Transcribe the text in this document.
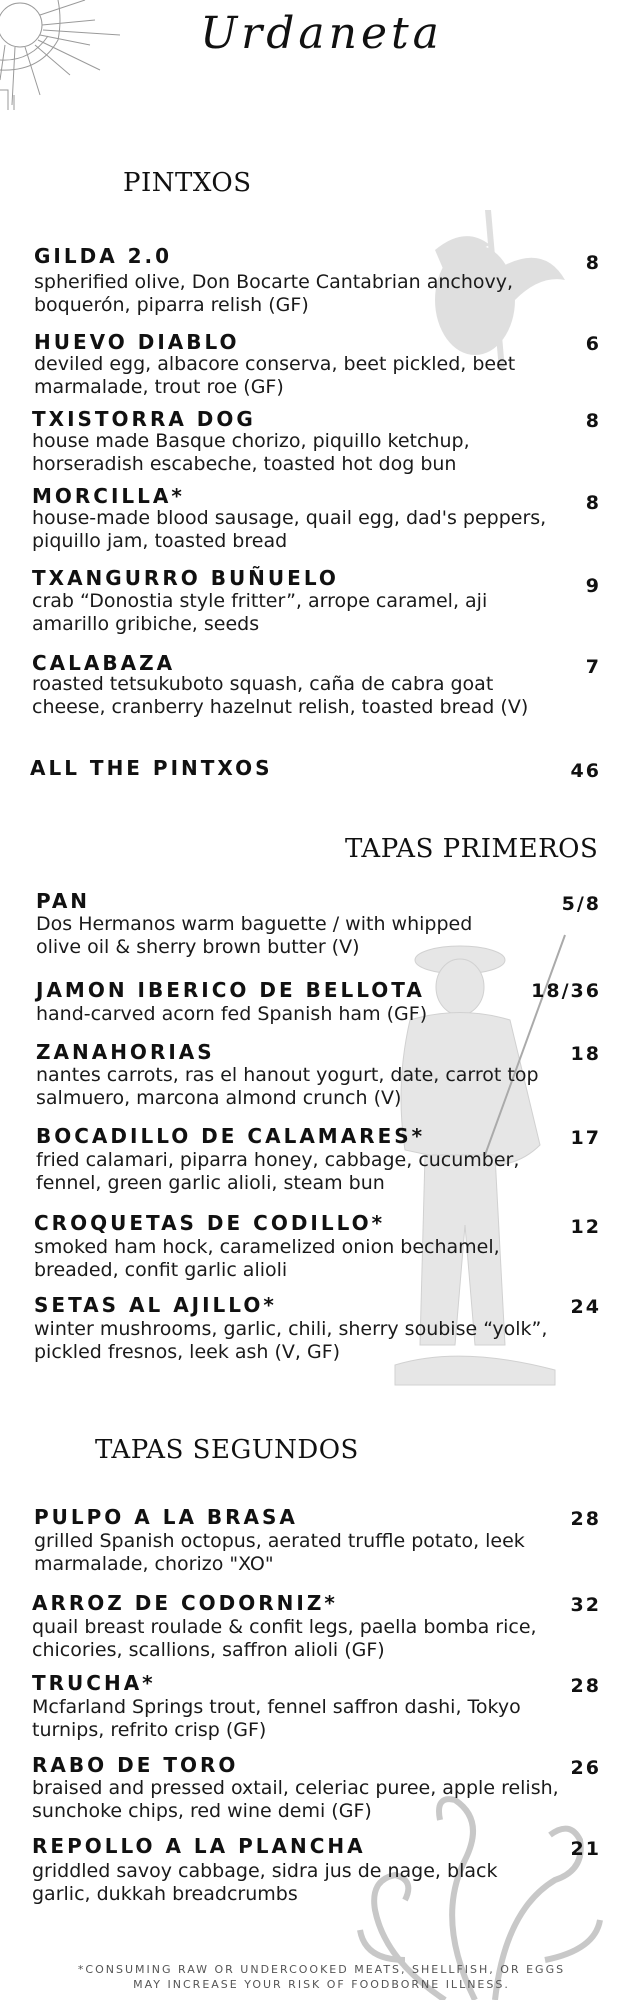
Urdaneta
PINTXOS
GILDA 2.0
spherified olive, Don Bocarte Cantabrian anchovy, boquerón, piparra relish (GF)
8
HUEVO DIABLO
deviled egg, albacore conserva, beet pickled, beet marmalade, trout roe (GF)
6
TXISTORRA DOG
house made Basque chorizo, piquillo ketchup, horseradish escabeche, toasted hot dog bun
8
MORCILLA*
house-made blood sausage, quail egg, dad's peppers, piquillo jam, toasted bread
8
TXANGURRO BUÑUELO
crab “Donostia style fritter”, arrope caramel, aji amarillo gribiche, seeds
9
CALABAZA
roasted tetsukuboto squash, caña de cabra goat cheese, cranberry hazelnut relish, toasted bread (V)
7
ALL THE PINTXOS	46
TAPAS PRIMEROS
PAN
Dos Hermanos warm baguette / with whipped olive oil & sherry brown butter (V)
5/8
JAMON IBERICO DE BELLOTA
hand-carved acorn fed Spanish ham (GF)
18/36
ZANAHORIAS
nantes carrots, ras el hanout yogurt, date, carrot top salmuero, marcona almond crunch (V)
18
BOCADILLO DE CALAMARES*
fried calamari, piparra honey, cabbage, cucumber, fennel, green garlic alioli, steam bun
17
CROQUETAS DE CODILLO*
smoked ham hock, caramelized onion bechamel, breaded, confit garlic alioli
12
SETAS AL AJILLO*
winter mushrooms, garlic, chili, sherry soubise “yolk”, pickled fresnos, leek ash (V, GF)
24
TAPAS SEGUNDOS
PULPO A LA BRASA
grilled Spanish octopus, aerated truffle potato, leek marmalade, chorizo "XO"
28
ARROZ DE CODORNIZ*
quail breast roulade & confit legs, paella bomba rice, chicories, scallions, saffron alioli (GF)
32
TRUCHA*
Mcfarland Springs trout, fennel saffron dashi, Tokyo turnips, refrito crisp (GF)
28
RABO DE TORO
braised and pressed oxtail, celeriac puree, apple relish, sunchoke chips, red wine demi (GF)
26
REPOLLO A LA PLANCHA
griddled savoy cabbage, sidra jus de nage, black garlic, dukkah breadcrumbs
21
*CONSUMING RAW OR UNDERCOOKED MEATS, SHELLFISH, OR EGGS
MAY INCREASE YOUR RISK OF FOODBORNE ILLNESS.
